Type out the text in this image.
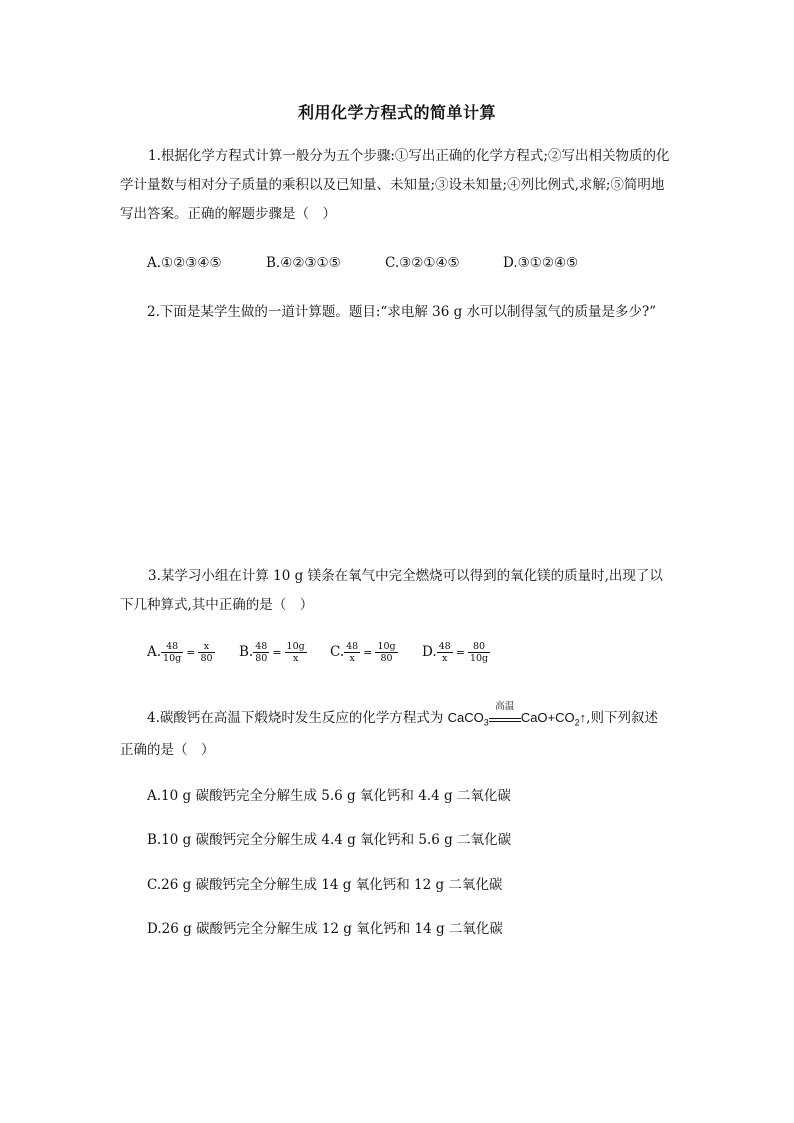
利用化学方程式的简单计算
1.根据化学方程式计算一般分为五个步骤:①写出正确的化学方程式;②写出相关物质的化学计量数与相对分子质量的乘积以及已知量、未知量;③设未知量;④列比例式,求解;⑤简明地写出答案。正确的解题步骤是（　）
A.①②③④⑤	B.④②③①⑤	C.③②①④⑤	D.③①②④⑤
2.下面是某学生做的一道计算题。题目:“求电解 36 g 水可以制得氢气的质量是多少?”
3.某学习小组在计算 10 g 镁条在氧气中完全燃烧可以得到的氧化镁的质量时,出现了以下几种算式,其中正确的是（　）
A. $\frac{48}{10g} = \frac{x}{80} B$. $\frac{48}{80} = \frac{10g}{x} C$. $\frac{48}{x} = \frac{10g}{80} D$. $\frac{48}{x} = \frac{80}{10g}$
4.碳酸钙在高温下煅烧时发生反应的化学方程式为 CaCO$_3$
高温
$CaO+CO_2↑$,则下列叙述
正确的是（　）
A.10 g 碳酸钙完全分解生成 5.6 g 氧化钙和 4.4 g 二氧化碳
B.10 g 碳酸钙完全分解生成 4.4 g 氧化钙和 5.6 g 二氧化碳
C.26 g 碳酸钙完全分解生成 14 g 氧化钙和 12 g 二氧化碳
D.26 g 碳酸钙完全分解生成 12 g 氧化钙和 14 g 二氧化碳
